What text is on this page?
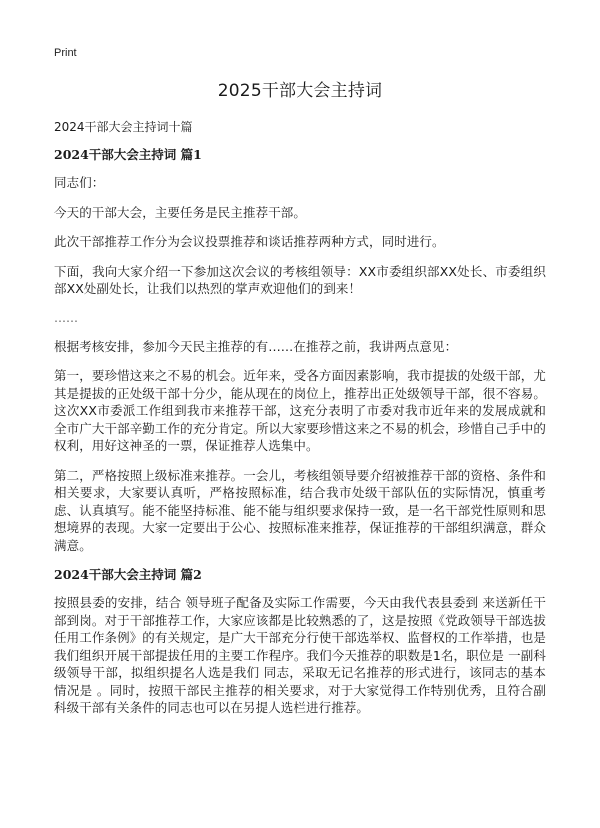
Print
2025干部大会主持词
2024干部大会主持词十篇
2024干部大会主持词 篇1

同志们：

今天的干部大会，主要任务是民主推荐干部。

此次干部推荐工作分为会议投票推荐和谈话推荐两种方式，同时进行。

下面，我向大家介绍一下参加这次会议的考核组领导：XX市委组织部XX处长、市委组织部XX处副处长，让我们以热烈的掌声欢迎他们的到来！

……

根据考核安排，参加今天民主推荐的有……在推荐之前，我讲两点意见：

第一，要珍惜这来之不易的机会。近年来，受各方面因素影响，我市提拔的处级干部，尤其是提拔的正处级干部十分少，能从现在的岗位上，推荐出正处级领导干部，很不容易。这次XX市委派工作组到我市来推荐干部，这充分表明了市委对我市近年来的发展成就和全市广大干部辛勤工作的充分肯定。所以大家要珍惜这来之不易的机会，珍惜自己手中的权利，用好这神圣的一票，保证推荐人选集中。

第二，严格按照上级标准来推荐。一会儿，考核组领导要介绍被推荐干部的资格、条件和相关要求，大家要认真听，严格按照标准，结合我市处级干部队伍的实际情况，慎重考虑、认真填写。能不能坚持标准、能不能与组织要求保持一致，是一名干部党性原则和思想境界的表现。大家一定要出于公心、按照标准来推荐，保证推荐的干部组织满意，群众满意。

2024干部大会主持词 篇2

按照县委的安排，结合 领导班子配备及实际工作需要，今天由我代表县委到 来送新任干部到岗。对于干部推荐工作，大家应该都是比较熟悉的了，这是按照《党政领导干部选拔任用工作条例》的有关规定，是广大干部充分行使干部选举权、监督权的工作举措，也是我们组织开展干部提拔任用的主要工作程序。我们今天推荐的职数是1名，职位是 一副科级领导干部，拟组织提名人选是我们 同志，采取无记名推荐的形式进行，该同志的基本情况是 。同时，按照干部民主推荐的相关要求，对于大家觉得工作特别优秀，且符合副科级干部有关条件的同志也可以在另提人选栏进行推荐。
